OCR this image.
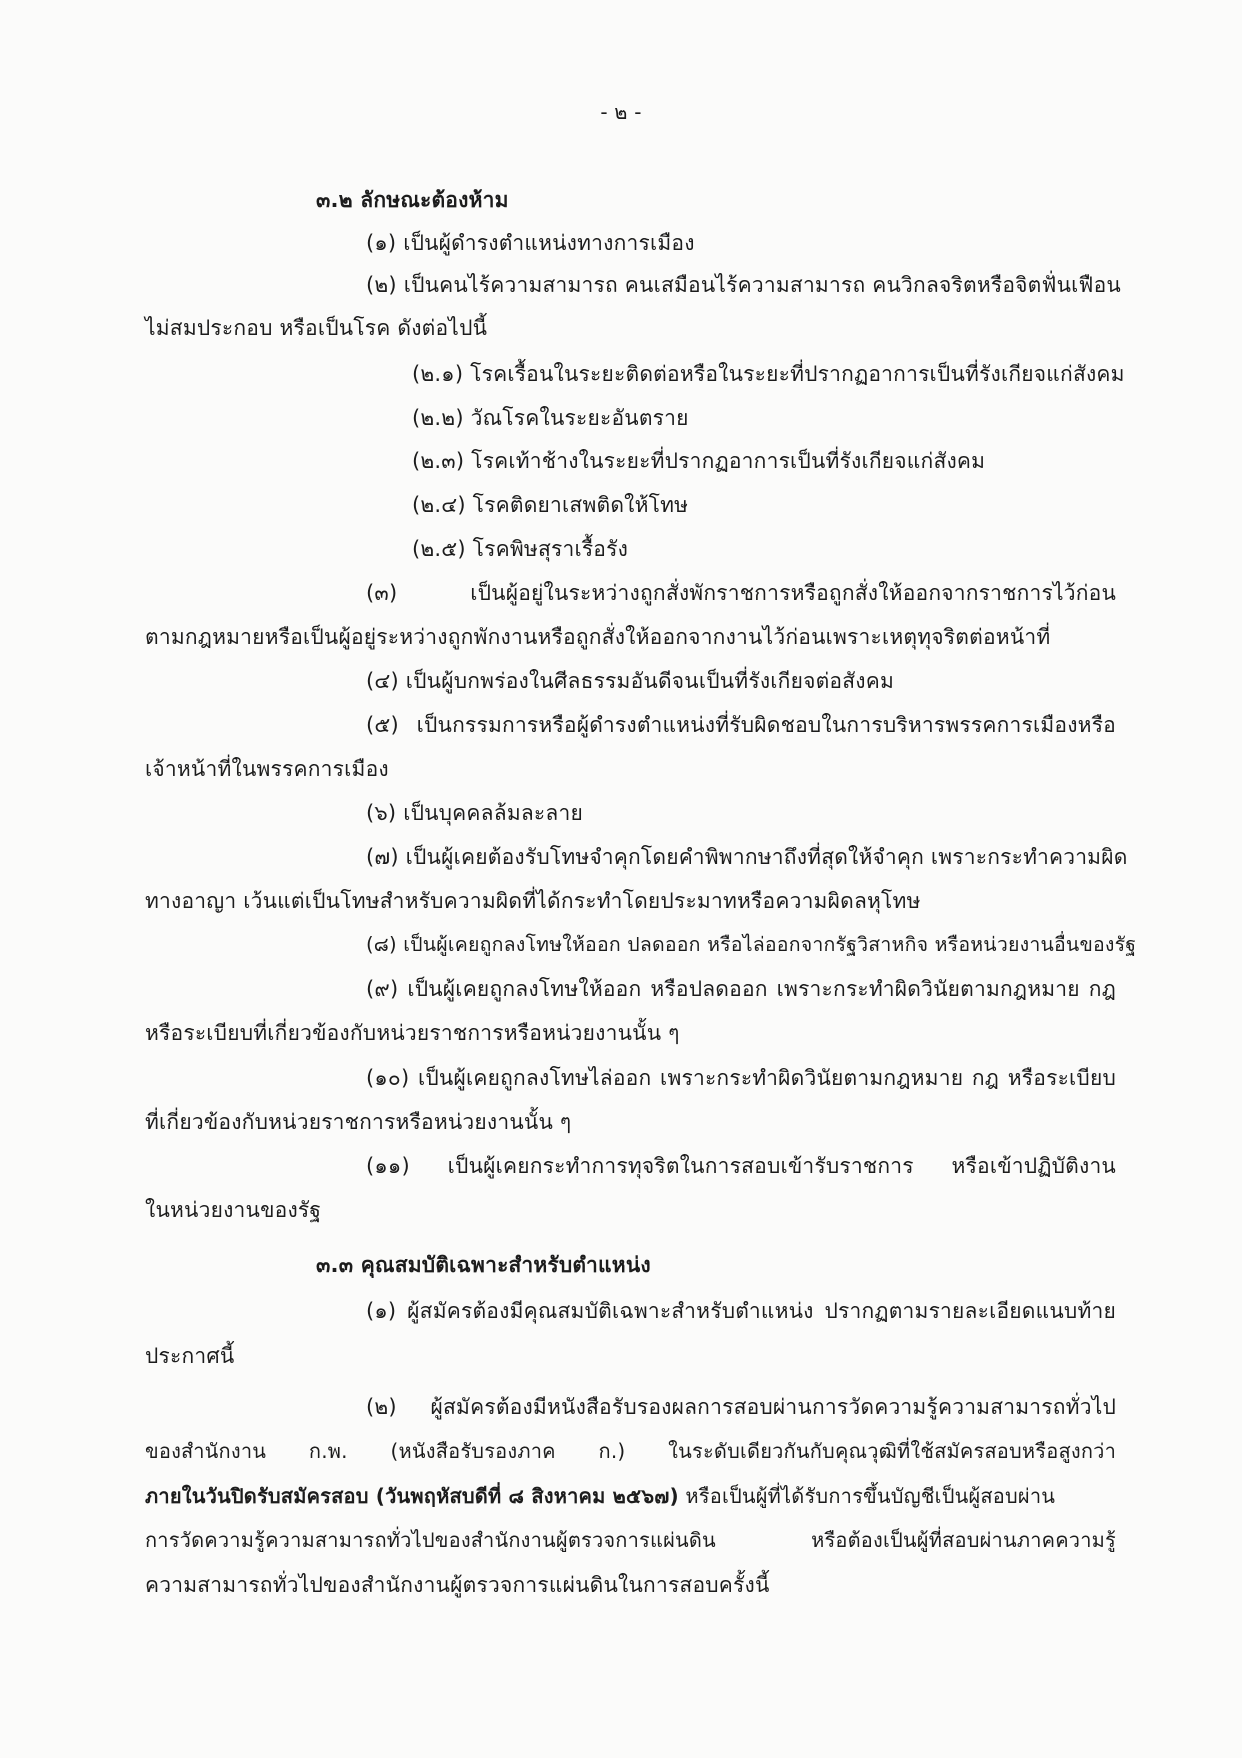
- ๒ -
๓.๒ ลักษณะต้องห้าม
(๑) เป็นผู้ดำรงตำแหน่งทางการเมือง
(๒) เป็นคนไร้ความสามารถ คนเสมือนไร้ความสามารถ คนวิกลจริตหรือจิตฟั่นเฟือน
ไม่สมประกอบ หรือเป็นโรค ดังต่อไปนี้
(๒.๑) โรคเรื้อนในระยะติดต่อหรือในระยะที่ปรากฏอาการเป็นที่รังเกียจแก่สังคม
(๒.๒) วัณโรคในระยะอันตราย
(๒.๓) โรคเท้าช้างในระยะที่ปรากฏอาการเป็นที่รังเกียจแก่สังคม
(๒.๔) โรคติดยาเสพติดให้โทษ
(๒.๕) โรคพิษสุราเรื้อรัง
(๓) เป็นผู้อยู่ในระหว่างถูกสั่งพักราชการหรือถูกสั่งให้ออกจากราชการไว้ก่อน
ตามกฎหมายหรือเป็นผู้อยู่ระหว่างถูกพักงานหรือถูกสั่งให้ออกจากงานไว้ก่อนเพราะเหตุทุจริตต่อหน้าที่
(๔) เป็นผู้บกพร่องในศีลธรรมอันดีจนเป็นที่รังเกียจต่อสังคม
(๕) เป็นกรรมการหรือผู้ดำรงตำแหน่งที่รับผิดชอบในการบริหารพรรคการเมืองหรือ
เจ้าหน้าที่ในพรรคการเมือง
(๖) เป็นบุคคลล้มละลาย
(๗) เป็นผู้เคยต้องรับโทษจำคุกโดยคำพิพากษาถึงที่สุดให้จำคุก เพราะกระทำความผิด
ทางอาญา เว้นแต่เป็นโทษสำหรับความผิดที่ได้กระทำโดยประมาทหรือความผิดลหุโทษ
(๘) เป็นผู้เคยถูกลงโทษให้ออก ปลดออก หรือไล่ออกจากรัฐวิสาหกิจ หรือหน่วยงานอื่นของรัฐ
(๙) เป็นผู้เคยถูกลงโทษให้ออก หรือปลดออก เพราะกระทำผิดวินัยตามกฎหมาย กฎ
หรือระเบียบที่เกี่ยวข้องกับหน่วยราชการหรือหน่วยงานนั้น ๆ
(๑๐) เป็นผู้เคยถูกลงโทษไล่ออก เพราะกระทำผิดวินัยตามกฎหมาย กฎ หรือระเบียบ
ที่เกี่ยวข้องกับหน่วยราชการหรือหน่วยงานนั้น ๆ
(๑๑) เป็นผู้เคยกระทำการทุจริตในการสอบเข้ารับราชการ หรือเข้าปฏิบัติงาน
ในหน่วยงานของรัฐ
๓.๓ คุณสมบัติเฉพาะสำหรับตำแหน่ง
(๑) ผู้สมัครต้องมีคุณสมบัติเฉพาะสำหรับตำแหน่ง ปรากฏตามรายละเอียดแนบท้าย
ประกาศนี้
(๒) ผู้สมัครต้องมีหนังสือรับรองผลการสอบผ่านการวัดความรู้ความสามารถทั่วไป
ของสำนักงาน ก.พ. (หนังสือรับรองภาค ก.) ในระดับเดียวกันกับคุณวุฒิที่ใช้สมัครสอบหรือสูงกว่า
ภายในวันปิดรับสมัครสอบ (วันพฤหัสบดีที่ ๘ สิงหาคม ๒๕๖๗) หรือเป็นผู้ที่ได้รับการขึ้นบัญชีเป็นผู้สอบผ่าน
การวัดความรู้ความสามารถทั่วไปของสำนักงานผู้ตรวจการแผ่นดิน หรือต้องเป็นผู้ที่สอบผ่านภาคความรู้
ความสามารถทั่วไปของสำนักงานผู้ตรวจการแผ่นดินในการสอบครั้งนี้
